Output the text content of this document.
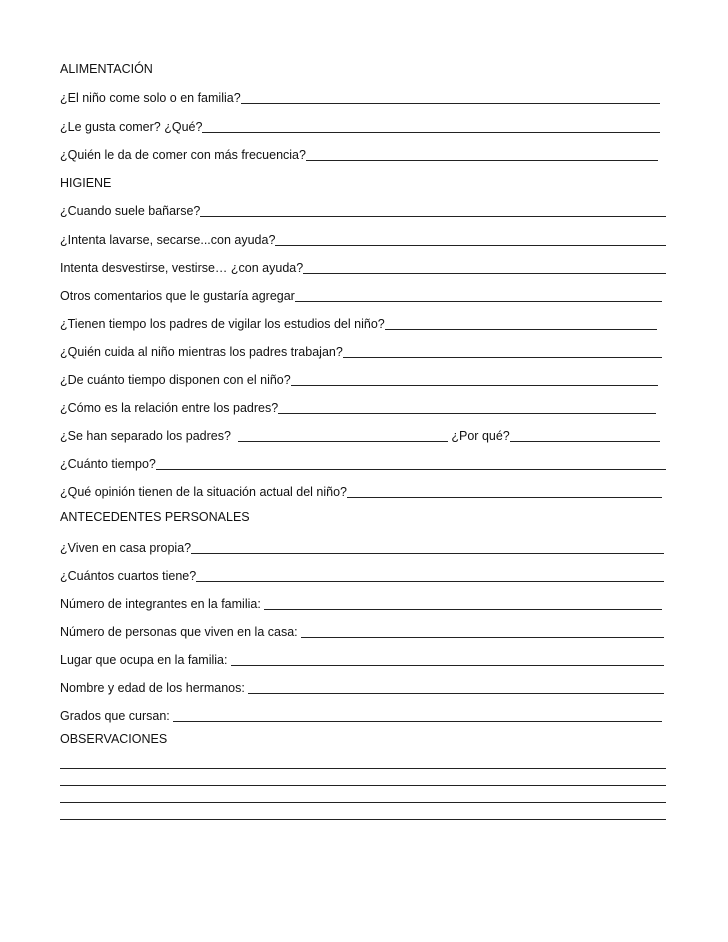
ALIMENTACIÓN
¿El niño come solo o en familia?
¿Le gusta comer? ¿Qué?
¿Quién le da de comer con más frecuencia?
HIGIENE
¿Cuando suele bañarse?
¿Intenta lavarse, secarse...con ayuda?
Intenta desvestirse, vestirse… ¿con ayuda?
Otros comentarios que le gustaría agregar
¿Tienen tiempo los padres de vigilar los estudios del niño?
¿Quién cuida al niño mientras los padres trabajan?
¿De cuánto tiempo disponen con el niño?
¿Cómo es la relación entre los padres?
¿Se han separado los padres?	¿Por qué?
¿Cuánto tiempo?
¿Qué opinión tienen de la situación actual del niño?
ANTECEDENTES PERSONALES
¿Viven en casa propia?
¿Cuántos cuartos tiene?
Número de integrantes en la familia:
Número de personas que viven en la casa:
Lugar que ocupa en la familia:
Nombre y edad de los hermanos:
Grados que cursan:
OBSERVACIONES
